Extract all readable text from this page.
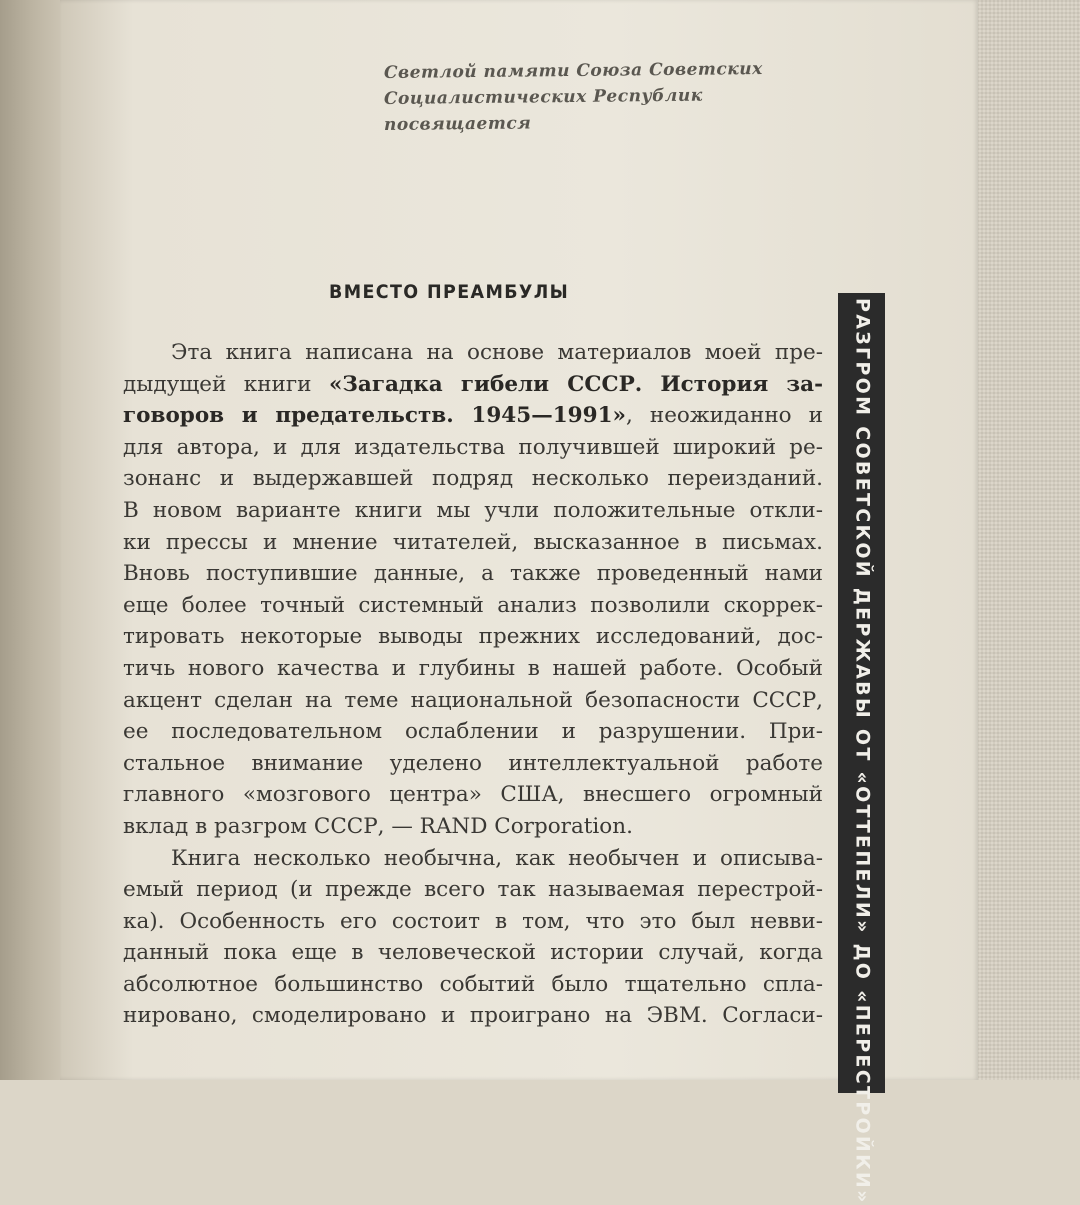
Светлой памяти Союза Советских
Социалистических Республик
посвящается
ВМЕСТО ПРЕАМБУЛЫ
Эта книга написана на основе материалов моей пре-
дыдущей книги «Загадка гибели СССР. История за-
говоров и предательств. 1945—1991», неожиданно и
для автора, и для издательства получившей широкий ре-
зонанс и выдержавшей подряд несколько переизданий.
В новом варианте книги мы учли положительные откли-
ки прессы и мнение читателей, высказанное в письмах.
Вновь поступившие данные, а также проведенный нами
еще более точный системный анализ позволили скоррек-
тировать некоторые выводы прежних исследований, дос-
тичь нового качества и глубины в нашей работе. Особый
акцент сделан на теме национальной безопасности СССР,
ее последовательном ослаблении и разрушении. При-
стальное внимание уделено интеллектуальной работе
главного «мозгового центра» США, внесшего огромный
вклад в разгром СССР, — RAND Corporation.
Книга несколько необычна, как необычен и описыва-
емый период (и прежде всего так называемая перестрой-
ка). Особенность его состоит в том, что это был невви-
данный пока еще в человеческой истории случай, когда
абсолютное большинство событий было тщательно спла-
нировано, смоделировано и проиграно на ЭВМ. Согласи-	РАЗГРОМ СОВЕТСКОЙ ДЕРЖАВЫ ОТ «ОТТЕПЕЛИ» ДО «ПЕРЕСТРОЙКИ»
